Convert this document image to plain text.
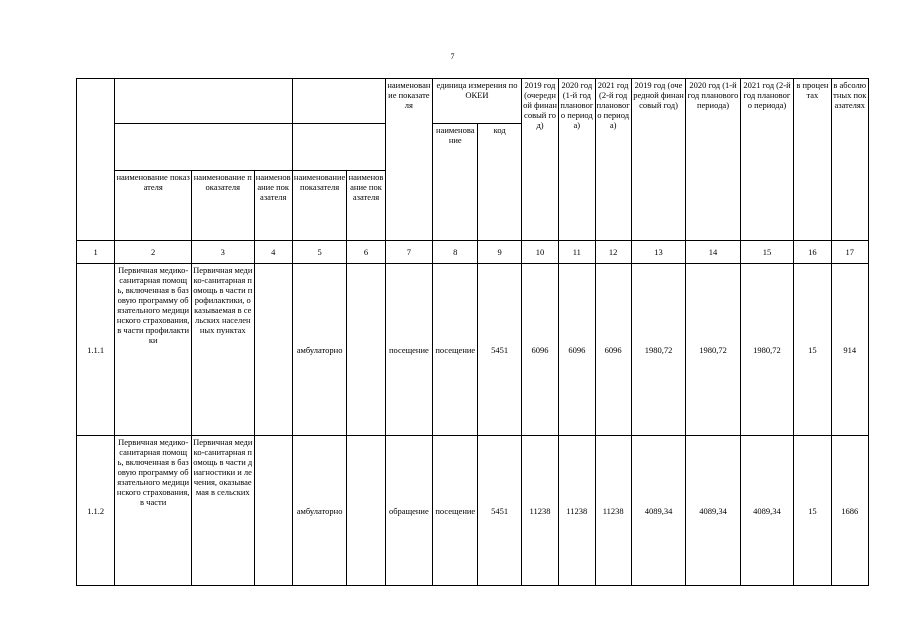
7
						наименование показателя	единица измерения по ОКЕИ		2019 год (очередной финансовый год)	2020 год (1-й год планового периода)	2021 год (2-й год планового периода)	2019 год (очередной финансовый год)	2020 год (1-й год планового периода)	2021 год (2-й год планового периода)	в процентах	в абсолютных показателях
							наименование	код								
	наименование показателя	наименование показателя	наименование показателя	наименование показателя	наименование показателя											
1	2	3	4	5	6	7	8	9	10	11	12	13	14	15	16	17
1.1.1	Первичная медико-санитарная помощь, включенная в базовую программу обязательного медицинского страхования, в части профилактики	Первичная медико-санитарная помощь в части профилактики, оказываемая в сельских населенных пунктах		амбулаторно		посещение	посещение	5451	6096	6096	6096	1980,72	1980,72	1980,72	15	914
1.1.2	Первичная медико-санитарная помощь, включенная в базовую программу обязательного медицинского страхования, в части	Первичная медико-санитарная помощь в части диагностики и лечения, оказываемая в сельских		амбулаторно		обращение	посещение	5451	11238	11238	11238	4089,34	4089,34	4089,34	15	1686
